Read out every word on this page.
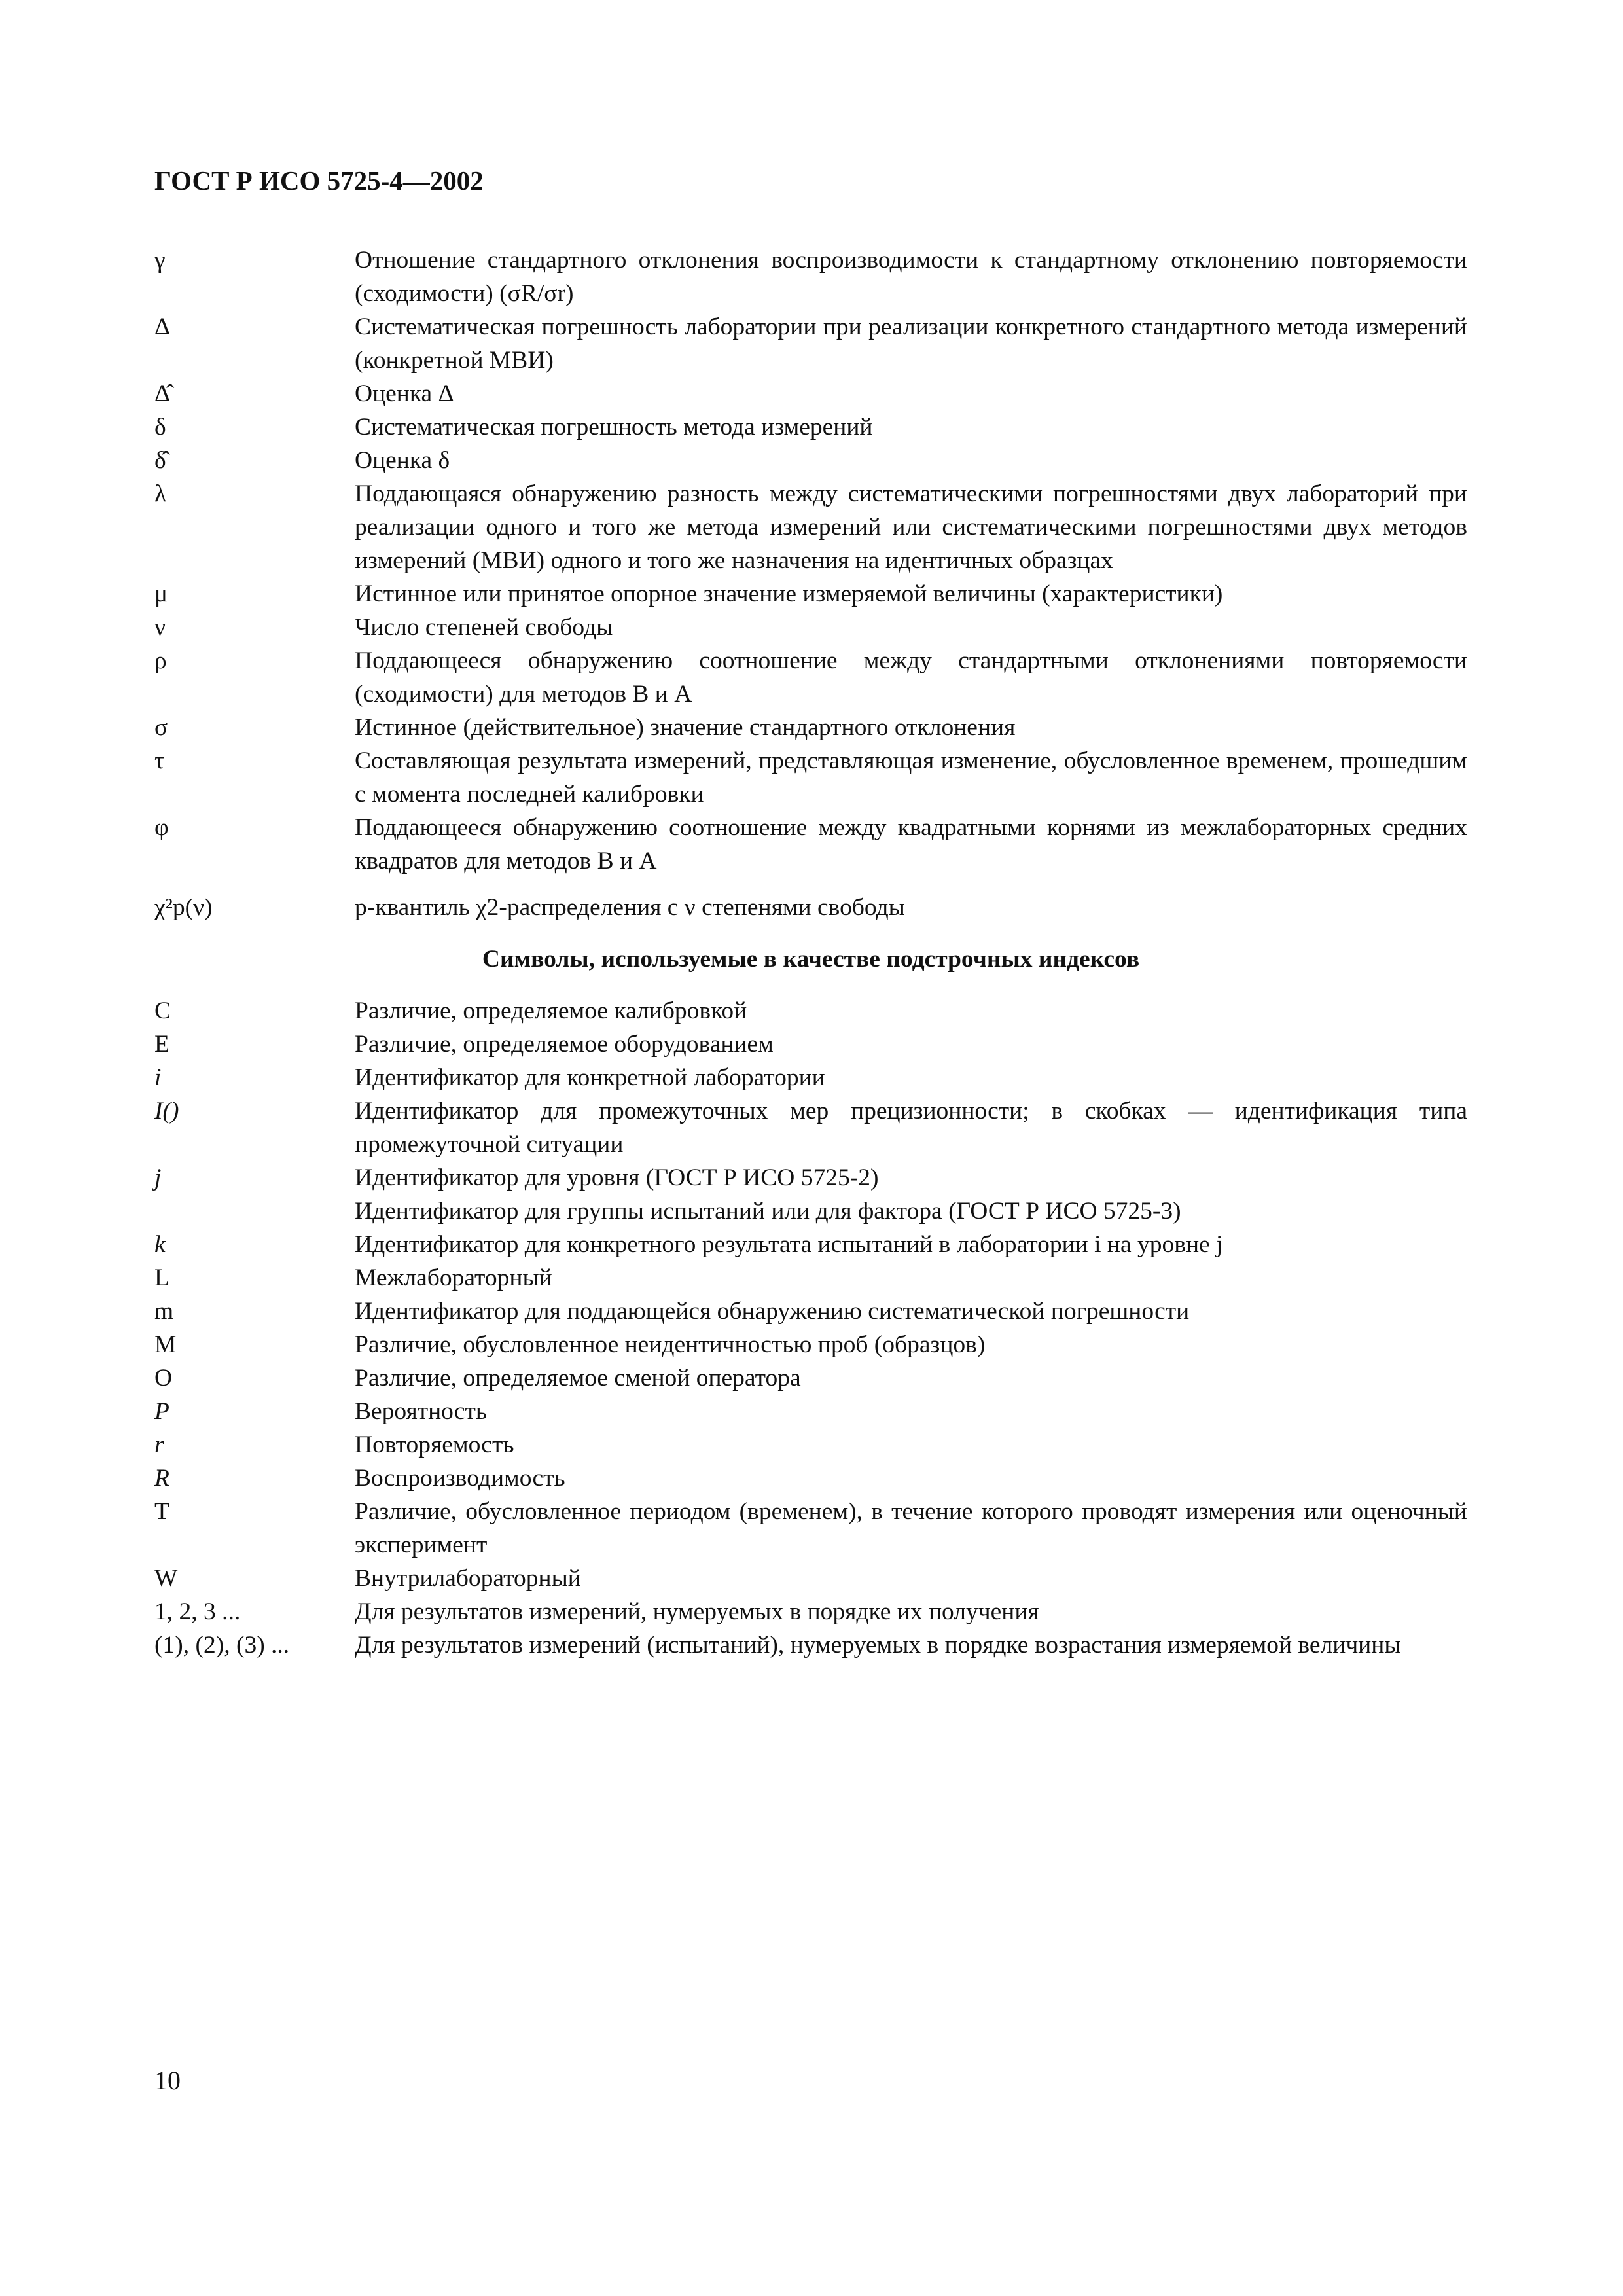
ГОСТ Р ИСО 5725-4—2002
γ	Отношение стандартного отклонения воспроизводимости к стандартному отклонению повторяемости (сходимости) (σR/σr)
Δ	Систематическая погрешность лаборатории при реализации конкретного стандартного метода измерений (конкретной МВИ)
Δ̂	Оценка Δ
δ	Систематическая погрешность метода измерений
δ̂	Оценка δ
λ	Поддающаяся обнаружению разность между систематическими погрешностями двух лабораторий при реализации одного и того же метода измерений или систематическими погрешностями двух методов измерений (МВИ) одного и того же назначения на идентичных образцах
μ	Истинное или принятое опорное значение измеряемой величины (характеристики)
ν	Число степеней свободы
ρ	Поддающееся обнаружению соотношение между стандартными отклонениями повторяемости (сходимости) для методов В и А
σ	Истинное (действительное) значение стандартного отклонения
τ	Составляющая результата измерений, представляющая изменение, обусловленное временем, прошедшим с момента последней калибровки
φ	Поддающееся обнаружению соотношение между квадратными корнями из межлабораторных средних квадратов для методов В и А
χ²p(ν)	p-квантиль χ2-распределения с ν степенями свободы
Символы, используемые в качестве подстрочных индексов
C	Различие, определяемое калибровкой
E	Различие, определяемое оборудованием
i	Идентификатор для конкретной лаборатории
I()	Идентификатор для промежуточных мер прецизионности; в скобках — идентификация типа промежуточной ситуации
j	Идентификатор для уровня (ГОСТ Р ИСО 5725-2)
Идентификатор для группы испытаний или для фактора (ГОСТ Р ИСО 5725-3)
k	Идентификатор для конкретного результата испытаний в лаборатории i на уровне j
L	Межлабораторный
m	Идентификатор для поддающейся обнаружению систематической погрешности
M	Различие, обусловленное неидентичностью проб (образцов)
O	Различие, определяемое сменой оператора
P	Вероятность
r	Повторяемость
R	Воспроизводимость
T	Различие, обусловленное периодом (временем), в течение которого проводят измерения или оценочный эксперимент
W	Внутрилабораторный
1, 2, 3 ...	Для результатов измерений, нумеруемых в порядке их получения
(1), (2), (3) ...	Для результатов измерений (испытаний), нумеруемых в порядке возрастания измеряемой величины
10
